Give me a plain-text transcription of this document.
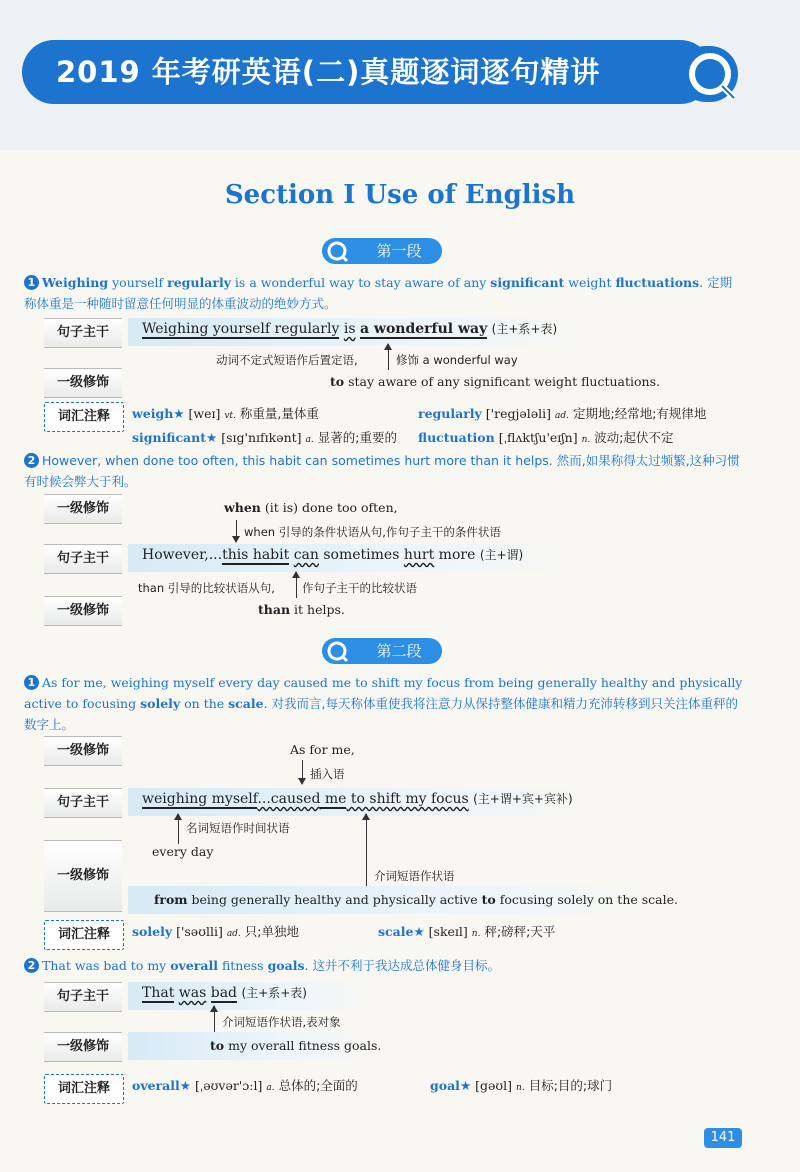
2019 年考研英语(二)真题逐词逐句精讲
Section Ⅰ Use of English
第一段
1 Weighing yourself regularly is a wonderful way to stay aware of any significant weight fluctuations. 定期称体重是一种随时留意任何明显的体重波动的绝妙方式。
句子主干	Weighing yourself regularly is a wonderful way (主+系+表)
动词不定式短语作后置定语,	修饰 a wonderful way
一级修饰	to stay aware of any significant weight fluctuations.
词汇注释	weigh★ [weɪ] vt. 称重量,量体重	regularly ['regjələli] ad. 定期地;经常地;有规律地
significant★ [sɪg'nɪfɪkənt] a. 显著的;重要的 fluctuation [ˌflʌktʃu'eɪʃn] n. 波动;起伏不定
2 However, when done too often, this habit can sometimes hurt more than it helps. 然而,如果称得太过频繁,这种习惯有时候会弊大于利。
一级修饰	when (it is) done too often,
when 引导的条件状语从句,作句子主干的条件状语
句子主干	However,...this habit can sometimes hurt more (主+谓)
than 引导的比较状语从句, 作句子主干的比较状语
一级修饰	than it helps.
第二段
1 As for me, weighing myself every day caused me to shift my focus from being generally healthy and physically active to focusing solely on the scale. 对我而言,每天称体重使我将注意力从保持整体健康和精力充沛转移到只关注体重秤的数字上。
一级修饰	As for me,
插入语
句子主干	weighing myself...caused me to shift my focus (主+谓+宾+宾补)
名词短语作时间状语
every day
介词短语作状语
一级修饰
from being generally healthy and physically active to focusing solely on the scale.
词汇注释	solely ['səʊlli] ad. 只;单独地	scale★ [skeɪl] n. 秤;磅秤;天平
2 That was bad to my overall fitness goals. 这并不利于我达成总体健身目标。
句子主干	That was bad (主+系+表)
介词短语作状语,表对象
一级修饰	to my overall fitness goals.
词汇注释	overall★ [ˌəʊvər'ɔːl] a. 总体的;全面的	goal★ [gəʊl] n. 目标;目的;球门
141
